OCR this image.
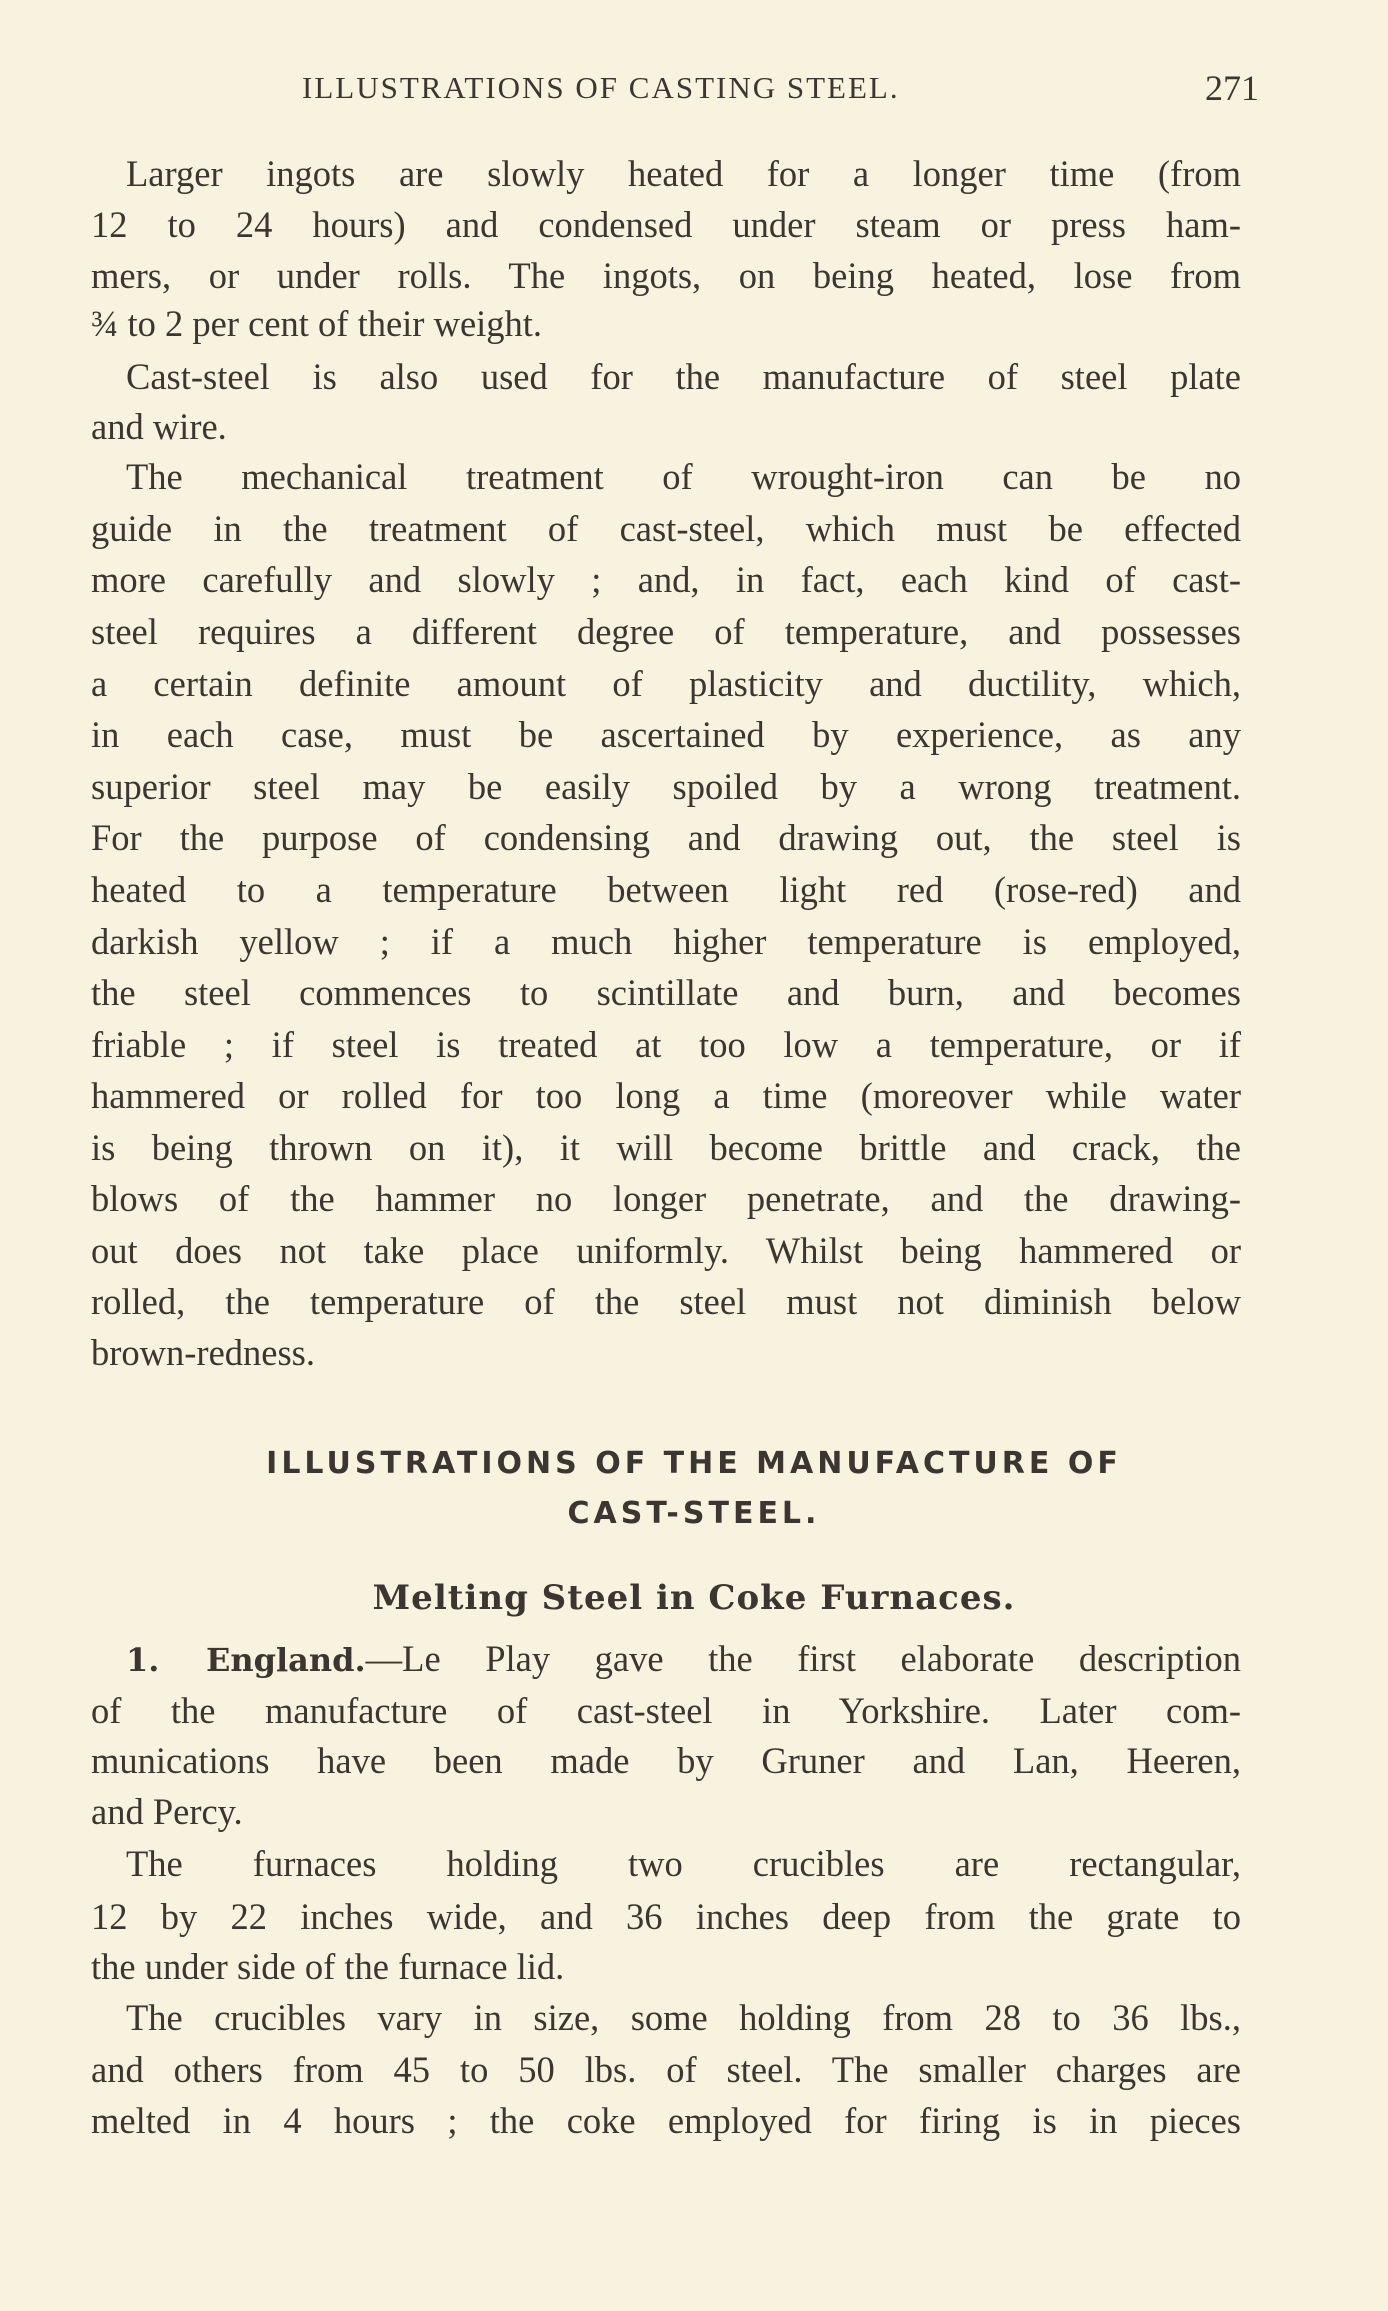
ILLUSTRATIONS OF CASTING STEEL.	271
ILLUSTRATIONS OF THE MANUFACTURE OF
CAST-STEEL.
Melting Steel in Coke Furnaces.
Larger ingots are slowly heated for a longer time (from
12 to 24 hours) and condensed under steam or press ham-
mers, or under rolls. The ingots, on being heated, lose from
¾ to 2 per cent of their weight.
Cast-steel is also used for the manufacture of steel plate
and wire.
The mechanical treatment of wrought-iron can be no
guide in the treatment of cast-steel, which must be effected
more carefully and slowly ; and, in fact, each kind of cast-
steel requires a different degree of temperature, and possesses
a certain definite amount of plasticity and ductility, which,
in each case, must be ascertained by experience, as any
superior steel may be easily spoiled by a wrong treatment.
For the purpose of condensing and drawing out, the steel is
heated to a temperature between light red (rose-red) and
darkish yellow ; if a much higher temperature is employed,
the steel commences to scintillate and burn, and becomes
friable ; if steel is treated at too low a temperature, or if
hammered or rolled for too long a time (moreover while water
is being thrown on it), it will become brittle and crack, the
blows of the hammer no longer penetrate, and the drawing-
out does not take place uniformly. Whilst being hammered or
rolled, the temperature of the steel must not diminish below
brown-redness.
1. England.—Le Play gave the first elaborate description
of the manufacture of cast-steel in Yorkshire. Later com-
munications have been made by Gruner and Lan, Heeren,
and Percy.
The furnaces holding two crucibles are rectangular,
12 by 22 inches wide, and 36 inches deep from the grate to
the under side of the furnace lid.
The crucibles vary in size, some holding from 28 to 36 lbs.,
and others from 45 to 50 lbs. of steel. The smaller charges are
melted in 4 hours ; the coke employed for firing is in pieces
